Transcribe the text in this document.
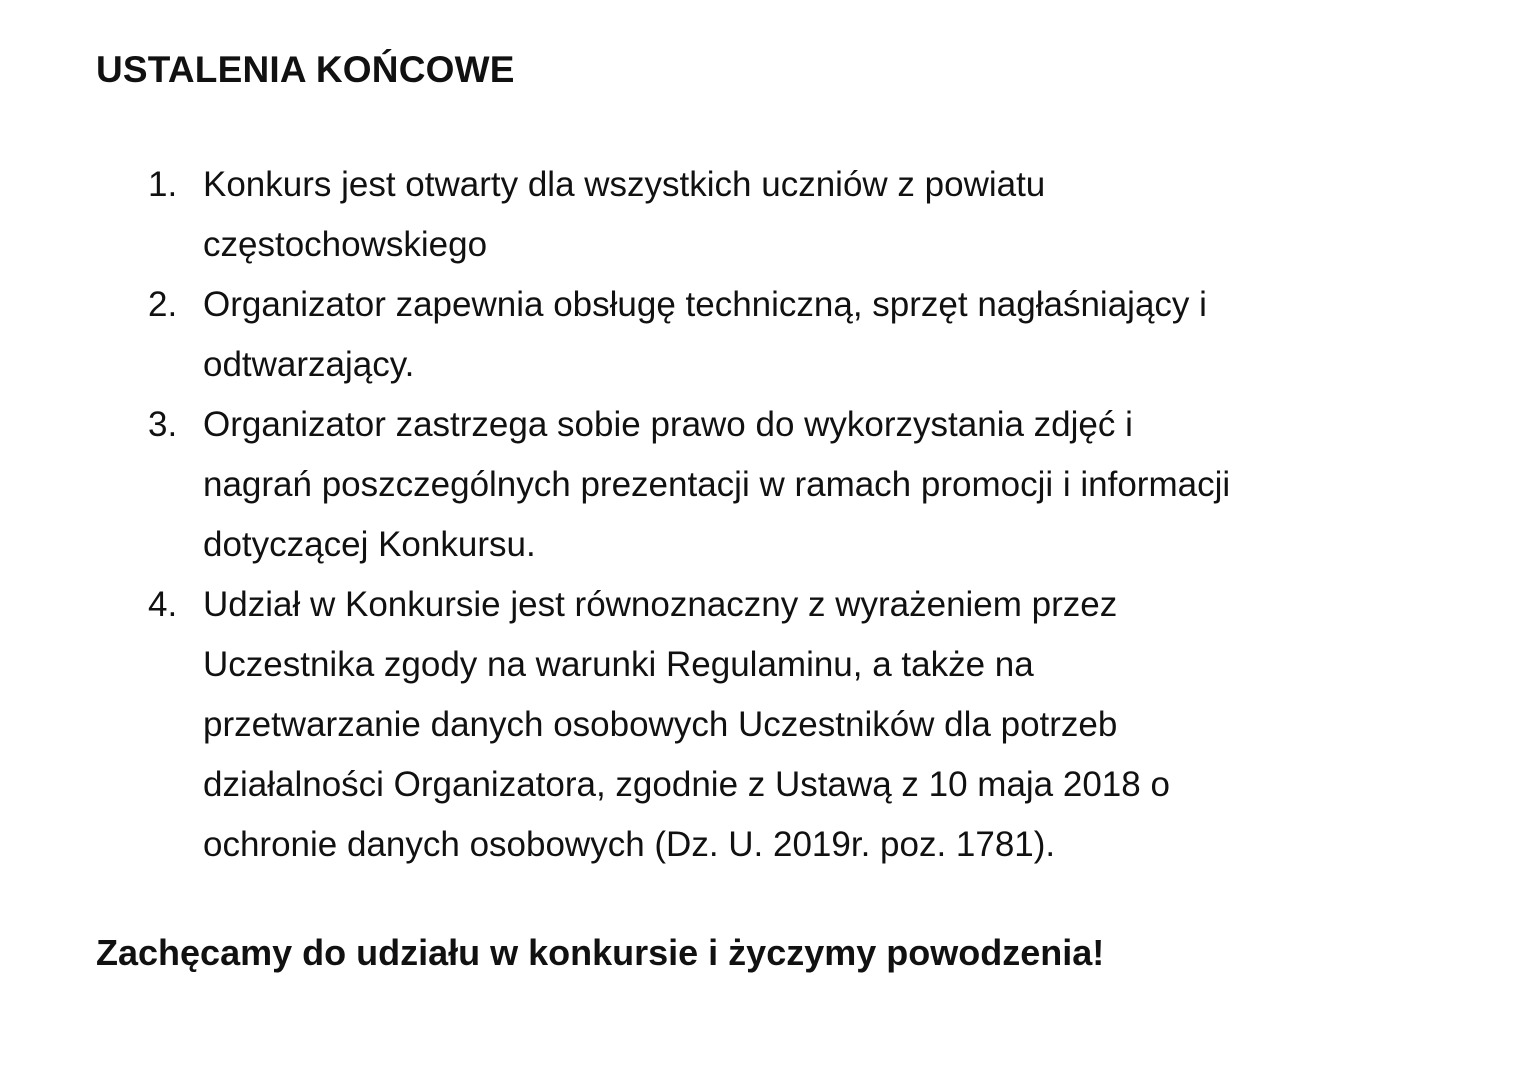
USTALENIA KOŃCOWE
1. Konkurs jest otwarty dla wszystkich uczniów z powiatu
częstochowskiego
2. Organizator zapewnia obsługę techniczną, sprzęt nagłaśniający i
odtwarzający.
3. Organizator zastrzega sobie prawo do wykorzystania zdjęć i
nagrań poszczególnych prezentacji w ramach promocji i informacji
dotyczącej Konkursu.
4. Udział w Konkursie jest równoznaczny z wyrażeniem przez
Uczestnika zgody na warunki Regulaminu, a także na
przetwarzanie danych osobowych Uczestników dla potrzeb
działalności Organizatora, zgodnie z Ustawą z 10 maja 2018 o
ochronie danych osobowych (Dz. U. 2019r. poz. 1781).
Zachęcamy do udziału w konkursie i życzymy powodzenia!
